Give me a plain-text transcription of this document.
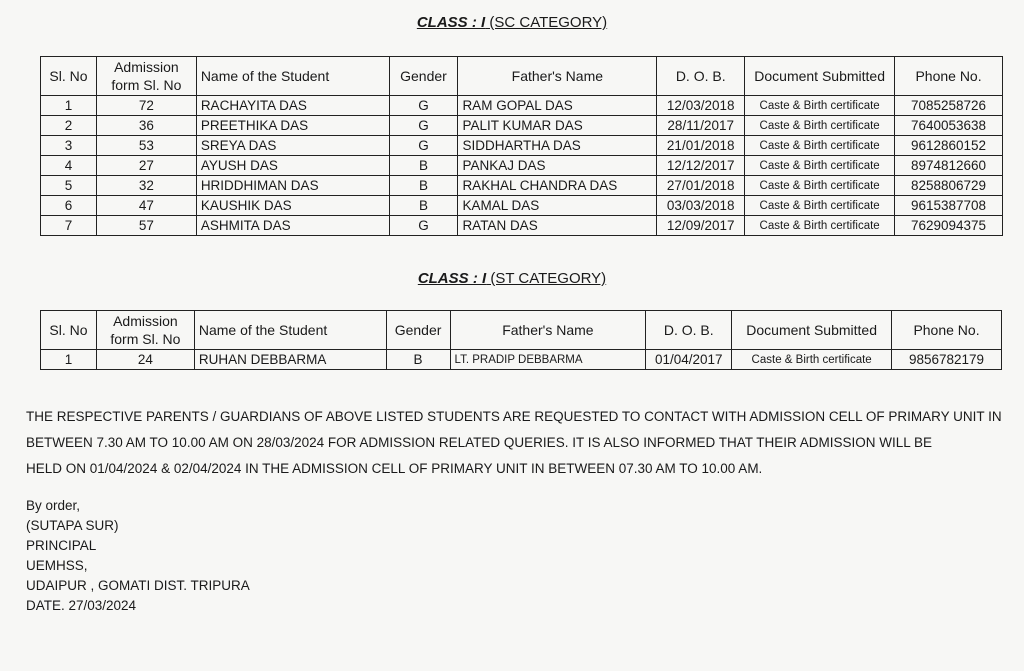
CLASS : I (SC CATEGORY)
Sl. No	Admission form Sl. No	Name of the Student	Gender	Father's Name	D. O. B.	Document Submitted	Phone No.
1	72	RACHAYITA DAS	G	RAM GOPAL DAS	12/03/2018	Caste & Birth certificate	7085258726
2	36	PREETHIKA DAS	G	PALIT KUMAR DAS	28/11/2017	Caste & Birth certificate	7640053638
3	53	SREYA DAS	G	SIDDHARTHA DAS	21/01/2018	Caste & Birth certificate	9612860152
4	27	AYUSH DAS	B	PANKAJ DAS	12/12/2017	Caste & Birth certificate	8974812660
5	32	HRIDDHIMAN DAS	B	RAKHAL CHANDRA DAS	27/01/2018	Caste & Birth certificate	8258806729
6	47	KAUSHIK DAS	B	KAMAL DAS	03/03/2018	Caste & Birth certificate	9615387708
7	57	ASHMITA DAS	G	RATAN DAS	12/09/2017	Caste & Birth certificate	7629094375
CLASS : I (ST CATEGORY)
Sl. No	Admission form Sl. No	Name of the Student	Gender	Father's Name	D. O. B.	Document Submitted	Phone No.
1	24	RUHAN DEBBARMA	B	LT. PRADIP DEBBARMA	01/04/2017	Caste & Birth certificate	9856782179
THE RESPECTIVE PARENTS / GUARDIANS OF ABOVE LISTED STUDENTS ARE REQUESTED TO CONTACT WITH ADMISSION CELL OF PRIMARY UNIT IN
BETWEEN 7.30 AM TO 10.00 AM ON 28/03/2024 FOR ADMISSION RELATED QUERIES. IT IS ALSO INFORMED THAT THEIR ADMISSION WILL BE
HELD ON 01/04/2024 & 02/04/2024 IN THE ADMISSION CELL OF PRIMARY UNIT IN BETWEEN 07.30 AM TO 10.00 AM.
By order,
(SUTAPA SUR)
PRINCIPAL
UEMHSS,
UDAIPUR , GOMATI DIST. TRIPURA
DATE. 27/03/2024
